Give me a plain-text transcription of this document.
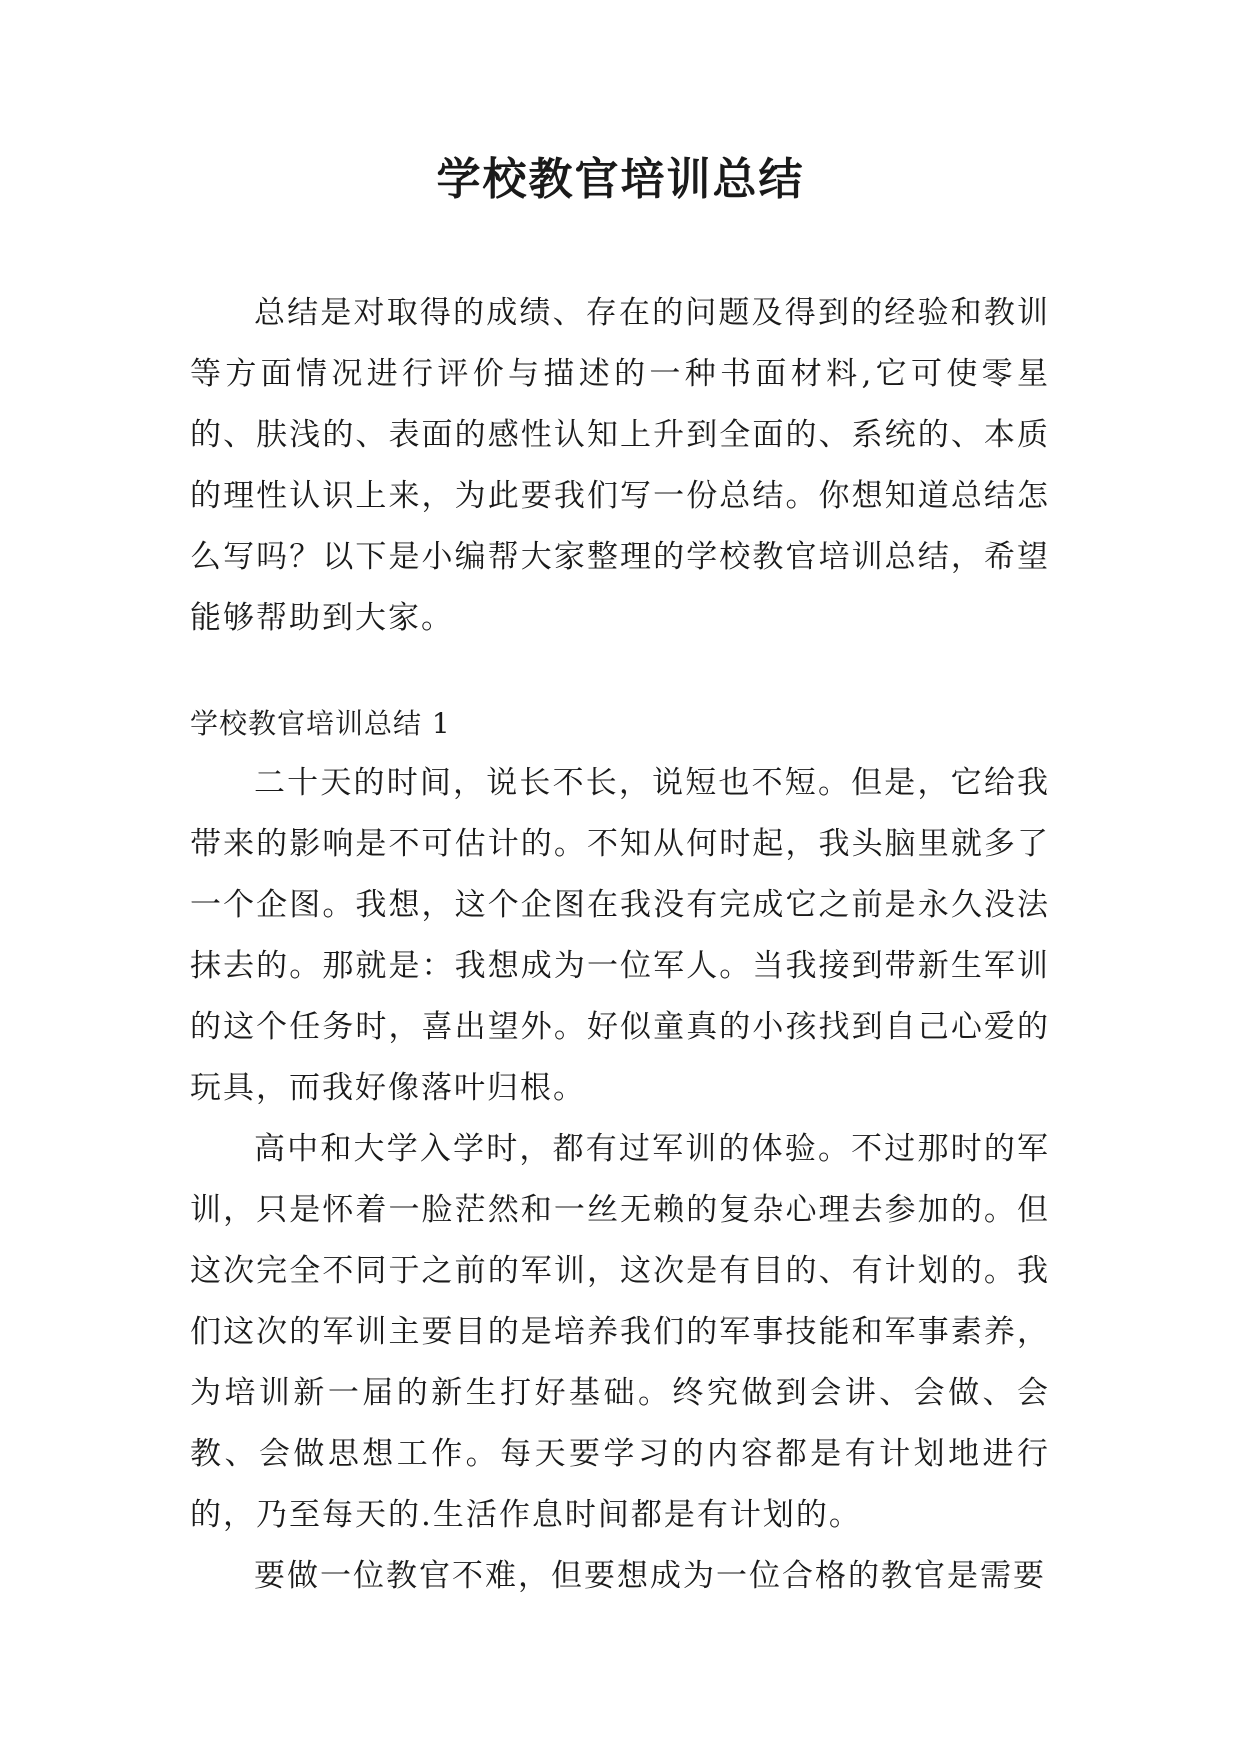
学校教官培训总结

总结是对取得的成绩、存在的问题及得到的经验和教训等方面情况进行评价与描述的一种书面材料,它可使零星的、肤浅的、表面的感性认知上升到全面的、系统的、本质的理性认识上来，为此要我们写一份总结。你想知道总结怎么写吗？以下是小编帮大家整理的学校教官培训总结，希望能够帮助到大家。

学校教官培训总结 1

二十天的时间，说长不长，说短也不短。但是，它给我带来的影响是不可估计的。不知从何时起，我头脑里就多了一个企图。我想，这个企图在我没有完成它之前是永久没法抹去的。那就是：我想成为一位军人。当我接到带新生军训的这个任务时，喜出望外。好似童真的小孩找到自己心爱的玩具，而我好像落叶归根。

高中和大学入学时，都有过军训的体验。不过那时的军训，只是怀着一脸茫然和一丝无赖的复杂心理去参加的。但这次完全不同于之前的军训，这次是有目的、有计划的。我们这次的军训主要目的是培养我们的军事技能和军事素养，为培训新一届的新生打好基础。终究做到会讲、会做、会教、会做思想工作。每天要学习的内容都是有计划地进行的，乃至每天的.生活作息时间都是有计划的。

要做一位教官不难，但要想成为一位合格的教官是需要
